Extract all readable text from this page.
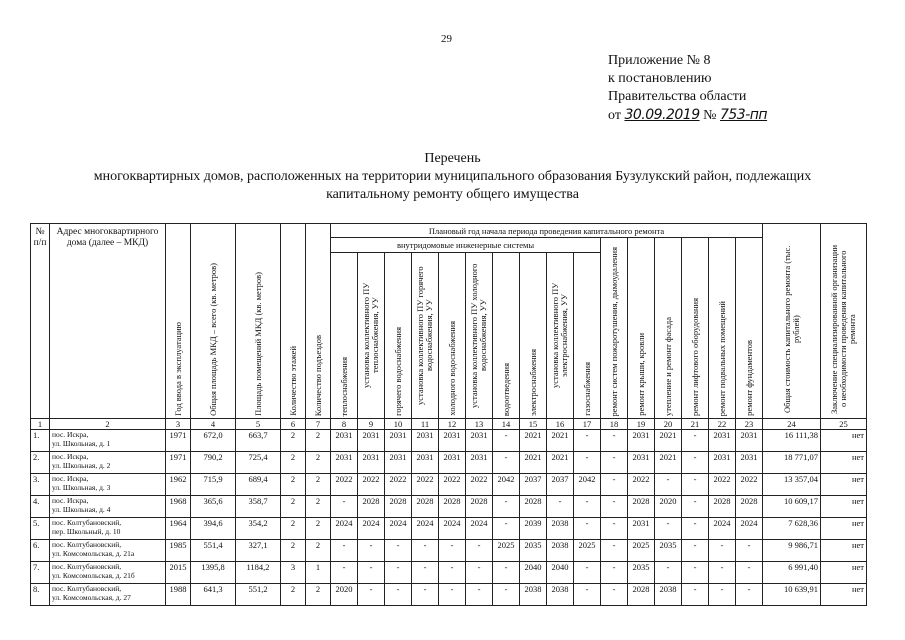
29
Приложение № 8
к постановлению
Правительства области
от 30.09.2019 № 753-пп
Перечень
многоквартирных домов, расположенных на территории муниципального образования Бузулукский район, подлежащих
капитальному ремонту общего имущества
№ п/п	Адрес многоквартирного дома (далее – МКД)	Год ввода в эксплуатацию	Общая площадь МКД – всего (кв. метров)	Площадь помещений МКД (кв. метров)	Количество этажей	Количество подъездов	Плановый год начала периода проведения капитального ремонта																Общая стоимость капитального ремонта (тыс. рублей)	Заключение специализированной организации о необходимости проведения капитального ремонта
							внутридомовые инженерные системы										ремонт систем пожаротушения, дымоудаления	ремонт крыши, кровли	утепление и ремонт фасада	ремонт лифтового оборудования	ремонт подвальных помещений	ремонт фундаментов		
							теплоснабжения	установка коллективного ПУ теплоснабжения, УУ	горячего водоснабжения	установка коллективного ПУ горячего водоснабжения, УУ	холодного водоснабжения	установка коллективного ПУ холодного водоснабжения, УУ	водоотведения	электроснабжения	установка коллективного ПУ электроснабжения, УУ	газоснабжения								
1	2	3	4	5	6	7	8	9	10	11	12	13	14	15	16	17	18	19	20	21	22	23	24	25
1.	пос. Искра,
ул. Школьная, д. 1	1971	672,0	663,7	2	2	2031	2031	2031	2031	2031	2031	-	2021	2021	-	-	2031	2021	-	2031	2031	16 111,38	нет
2.	пос. Искра,
ул. Школьная, д. 2	1971	790,2	725,4	2	2	2031	2031	2031	2031	2031	2031	-	2021	2021	-	-	2031	2021	-	2031	2031	18 771,07	нет
3.	пос. Искра,
ул. Школьная, д. 3	1962	715,9	689,4	2	2	2022	2022	2022	2022	2022	2022	2042	2037	2037	2042	-	2022	-	-	2022	2022	13 357,04	нет
4.	пос. Искра,
ул. Школьная, д. 4	1968	365,6	358,7	2	2	-	2028	2028	2028	2028	2028	-	2028	-	-	-	2028	2020	-	2028	2028	10 609,17	нет
5.	пос. Колтубановский,
пер. Школьный, д. 10	1964	394,6	354,2	2	2	2024	2024	2024	2024	2024	2024	-	2039	2038	-	-	2031	-	-	2024	2024	7 628,36	нет
6.	пос. Колтубановский,
ул. Комсомольская, д. 21а	1985	551,4	327,1	2	2	-	-	-	-	-	-	2025	2035	2038	2025	-	2025	2035	-	-	-	9 986,71	нет
7.	пос. Колтубановский,
ул. Комсомольская, д. 21б	2015	1395,8	1184,2	3	1	-	-	-	-	-	-	-	2040	2040	-	-	2035	-	-	-	-	6 991,40	нет
8.	пос. Колтубановский,
ул. Комсомольская, д. 27	1988	641,3	551,2	2	2	2020	-	-	-	-	-	-	2038	2038	-	-	2028	2038	-	-	-	10 639,91	нет
